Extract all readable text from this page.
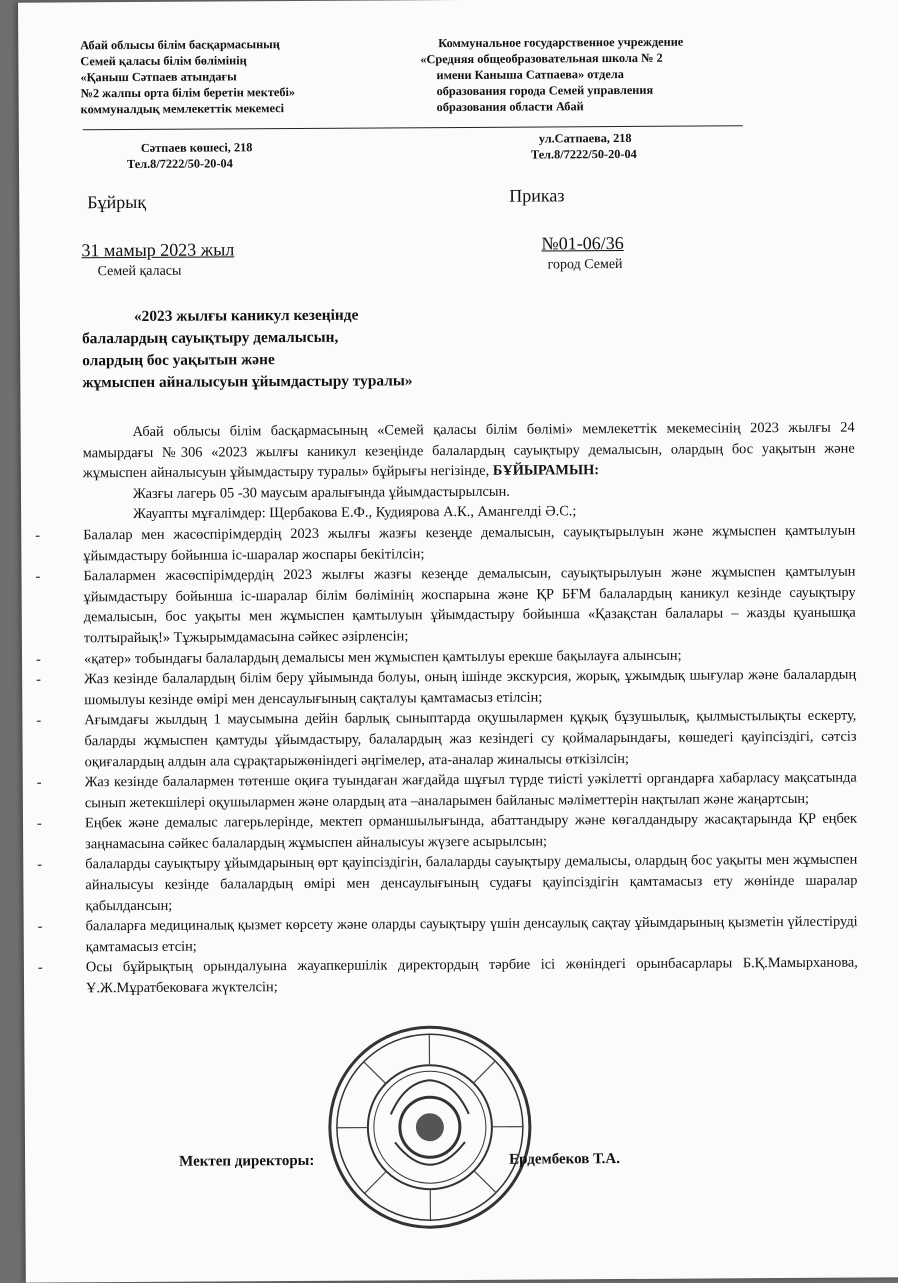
Абай облысы білім басқармасының
Семей қаласы білім бөлімінің
«Қаныш Сәтпаев атындағы
№2 жалпы орта білім беретін мектебі»
коммуналдық мемлекеттік мекемесі
Коммунальное государственное учреждение
«Средняя общеобразовательная школа № 2
имени Каныша Сатпаева» отдела
образования города Семей управления
образования области Абай
Сәтпаев көшесі, 218
Тел.8/7222/50-20-04
ул.Сатпаева, 218
Тел.8/7222/50-20-04
Бұйрық	Приказ
31 мамыр 2023 жыл	№01-06/36
Семей қаласы	город Семей
«2023 жылғы каникул кезеңінде
балалардың сауықтыру демалысын,
олардың бос уақытын және
жұмыспен айналысуын ұйымдастыру туралы»

Абай облысы білім басқармасының «Семей қаласы білім бөлімі» мемлекеттік мекемесінің 2023 жылғы 24 мамырдағы №306 «2023 жылғы каникул кезеңінде балалардың сауықтыру демалысын, олардың бос уақытын және жұмыспен айналысуын ұйымдастыру туралы» бұйрығы негізінде, БҰЙЫРАМЫН:

Жазғы лагерь 05 -30 маусым аралығында ұйымдастырылсын.

Жауапты мұғалімдер: Щербакова Е.Ф., Кудиярова А.К., Амангелді Ә.С.;

-	Балалар мен жасөспірімдердің 2023 жылғы жазғы кезеңде демалысын, сауықтырылуын және жұмыспен қамтылуын ұйымдастыру бойынша іс-шаралар жоспары бекітілсін;

-	Балалармен жасөспірімдердің 2023 жылғы жазғы кезеңде демалысын, сауықтырылуын және жұмыспен қамтылуын ұйымдастыру бойынша іс-шаралар білім бөлімінің жоспарына және ҚР БҒМ балалардың каникул кезінде сауықтыру демалысын, бос уақыты мен жұмыспен қамтылуын ұйымдастыру бойынша «Қазақстан балалары – жазды қуанышқа толтырайық!» Тұжырымдамасына сәйкес әзірленсін;

-	«қатер» тобындағы балалардың демалысы мен жұмыспен қамтылуы ерекше бақылауға алынсын;

-	Жаз кезінде балалардың білім беру ұйымында болуы, оның ішінде экскурсия, жорық, ұжымдық шығулар және балалардың шомылуы кезінде өмірі мен денсаулығының сақталуы қамтамасыз етілсін;

-	Ағымдағы жылдың 1 маусымына дейін барлық сыныптарда оқушылармен құқық бұзушылық, қылмыстылықты ескерту, баларды жұмыспен қамтуды ұйымдастыру, балалардың жаз кезіндегі су қоймаларындағы, көшедегі қауіпсіздігі, сәтсіз оқиғалардың алдын ала сұрақтарыжөніндегі әңгімелер, ата-аналар жиналысы өткізілсін;

-	Жаз кезінде балалармен төтенше оқиға туындаған жағдайда шұғыл түрде тиісті уәкілетті органдарға хабарласу мақсатында сынып жетекшілері оқушылармен және олардың ата –аналарымен байланыс мәліметтерін нақтылап және жаңартсын;

-	Еңбек және демалыс лагерьлерінде, мектеп орманшылығында, абаттандыру және көгалдандыру жасақтарында ҚР еңбек заңнамасына сәйкес балалардың жұмыспен айналысуы жүзеге асырылсын;

-	балаларды сауықтыру ұйымдарының өрт қауіпсіздігін, балаларды сауықтыру демалысы, олардың бос уақыты мен жұмыспен айналысуы кезінде балалардың өмірі мен денсаулығының судағы қауіпсіздігін қамтамасыз ету жөнінде шаралар қабылдансын;

-	балаларға медициналық қызмет көрсету және оларды сауықтыру үшін денсаулық сақтау ұйымдарының қызметін үйлестіруді қамтамасыз етсін;

-	Осы бұйрықтың орындалуына жауапкершілік директордың тәрбие ісі жөніндегі орынбасарлары Б.Қ.Мамырханова, Ұ.Ж.Мұратбековаға жүктелсін;

Мектеп директоры:	Ердембеков Т.А.
